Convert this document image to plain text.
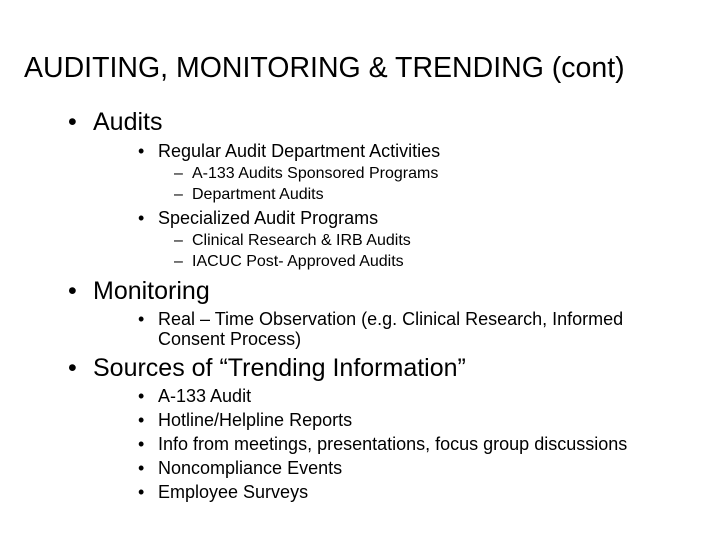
AUDITING, MONITORING & TRENDING (cont)
• Audits
• Regular Audit Department Activities
– A-133 Audits Sponsored Programs
– Department Audits
• Specialized Audit Programs
– Clinical Research & IRB Audits
– IACUC Post- Approved Audits
• Monitoring
• Real – Time Observation (e.g. Clinical Research, Informed
Consent Process)
• Sources of “Trending Information”
• A-133 Audit
• Hotline/Helpline Reports
• Info from meetings, presentations, focus group discussions
• Noncompliance Events
• Employee Surveys
